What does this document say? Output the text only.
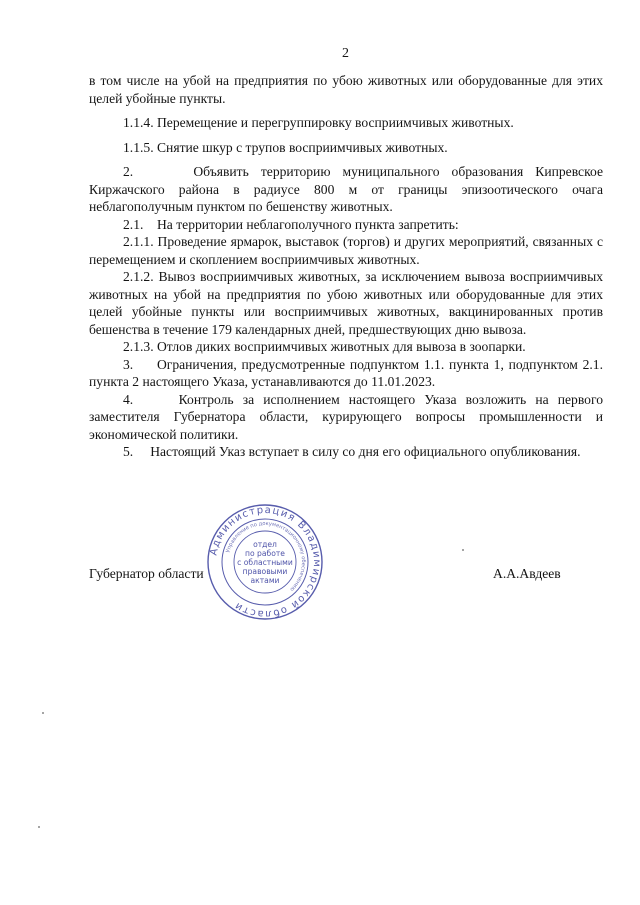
2

в том числе на убой на предприятия по убою животных или оборудованные для этих целей убойные пункты.

1.1.4. Перемещение и перегруппировку восприимчивых животных.

1.1.5. Снятие шкур с трупов восприимчивых животных.

2.     Объявить территорию муниципального образования Кипревское Киржачского района в радиусе 800 м от границы эпизоотического очага неблагополучным пунктом по бешенству животных.

2.1.    На территории неблагополучного пункта запретить:

2.1.1. Проведение ярмарок, выставок (торгов) и других мероприятий, связанных с перемещением и скоплением восприимчивых животных.

2.1.2. Вывоз восприимчивых животных, за исключением вывоза восприимчивых животных на убой на предприятия по убою животных или оборудованные для этих целей убойные пункты или восприимчивых животных, вакцинированных против бешенства в течение 179 календарных дней, предшествующих дню вывоза.

2.1.3. Отлов диких восприимчивых животных для вывоза в зоопарки.

3.     Ограничения, предусмотренные подпунктом 1.1. пункта 1, подпунктом 2.1. пункта 2 настоящего Указа, устанавливаются до 11.01.2023.

4.     Контроль за исполнением настоящего Указа возложить на первого заместителя Губернатора области, курирующего вопросы промышленности и экономической политики.

5.     Настоящий Указ вступает в силу со дня его официального опубликования.

Губернатор области	А.А.Авдеев
Администрация Владимирской области
Управление по документационному обеспечению
отдел
по работе
с областными
правовыми
актами
